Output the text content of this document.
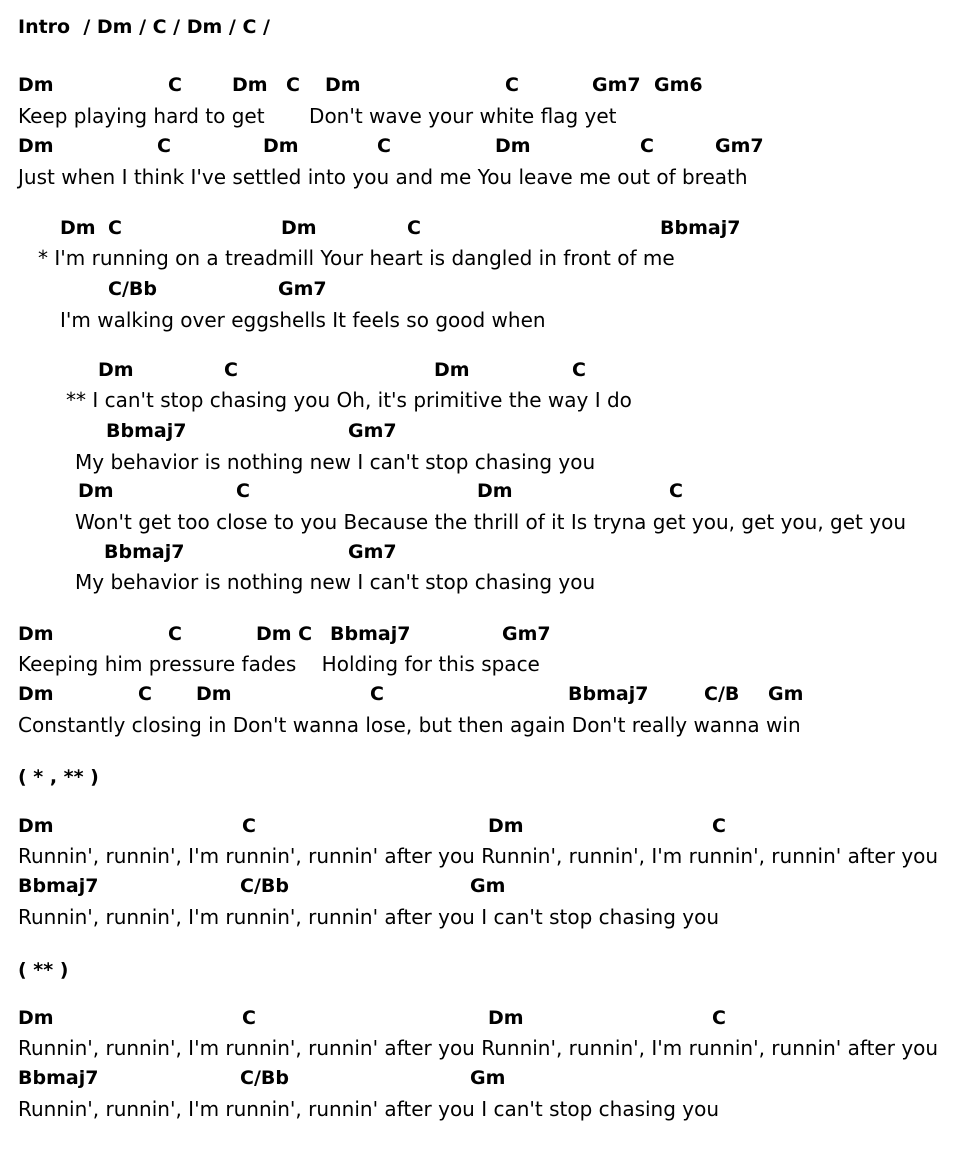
Intro  / Dm / C / Dm / C /

Dm

	C

	Dm

C

Dm

	C

	Gm7

Gm6

Keep playing hard to get       Don't wave your white flag yet

Dm

	C

	Dm

	C

	Dm

	C

	Gm7

Just when I think I've settled into you and me You leave me out of breath

Dm

C

	Dm

	C

	Bbmaj7

* I'm running on a treadmill Your heart is dangled in front of me

C/Bb

	Gm7

I'm walking over eggshells It feels so good when

Dm

	C

	Dm

	C

** I can't stop chasing you Oh, it's primitive the way I do

Bbmaj7

	Gm7

My behavior is nothing new I can't stop chasing you

Dm

	C

	Dm

	C

Won't get too close to you Because the thrill of it Is tryna get you, get you, get you

Bbmaj7

	Gm7

My behavior is nothing new I can't stop chasing you

Dm

	C

	Dm C

Bbmaj7

	Gm7

Keeping him pressure fades    Holding for this space

Dm

	C

Dm

	C

	Bbmaj7

	C/B

Gm

Constantly closing in Don't wanna lose, but then again Don't really wanna win
( * , ** )

Dm

	C

	Dm

	C

Runnin', runnin', I'm runnin', runnin' after you Runnin', runnin', I'm runnin', runnin' after you

Bbmaj7

	C/Bb

	Gm

Runnin', runnin', I'm runnin', runnin' after you I can't stop chasing you
( ** )

Dm

	C

	Dm

	C

Runnin', runnin', I'm runnin', runnin' after you Runnin', runnin', I'm runnin', runnin' after you

Bbmaj7

	C/Bb

	Gm

Runnin', runnin', I'm runnin', runnin' after you I can't stop chasing you
